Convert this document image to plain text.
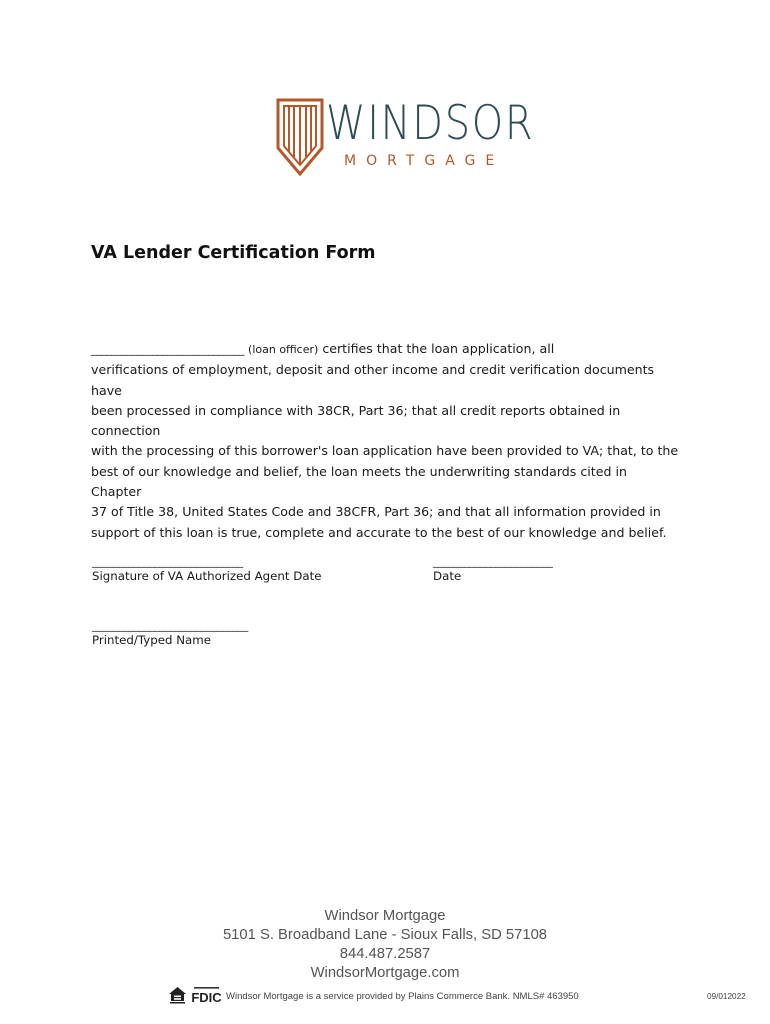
WINDSOR
MORTGAGE
VA Lender Certification Form
______________________________ (loan officer) certifies that the loan application, all
verifications of employment, deposit and other income and credit verification documents have
been processed in compliance with 38CR, Part 36; that all credit reports obtained in connection
with the processing of this borrower's loan application have been provided to VA; that, to the
best of our knowledge and belief, the loan meets the underwriting standards cited in Chapter
37 of Title 38, United States Code and 38CFR, Part 36; and that all information provided in
support of this loan is true, complete and accurate to the best of our knowledge and belief.
_____________________________
Signature of VA Authorized Agent Date
_______________________
Date
______________________________
Printed/Typed Name
Windsor Mortgage
5101 S. Broadband Lane - Sioux Falls, SD 57108
844.487.2587
WindsorMortgage.com
FDIC Windsor Mortgage is a service provided by Plains Commerce Bank. NMLS# 463950	09/012022
